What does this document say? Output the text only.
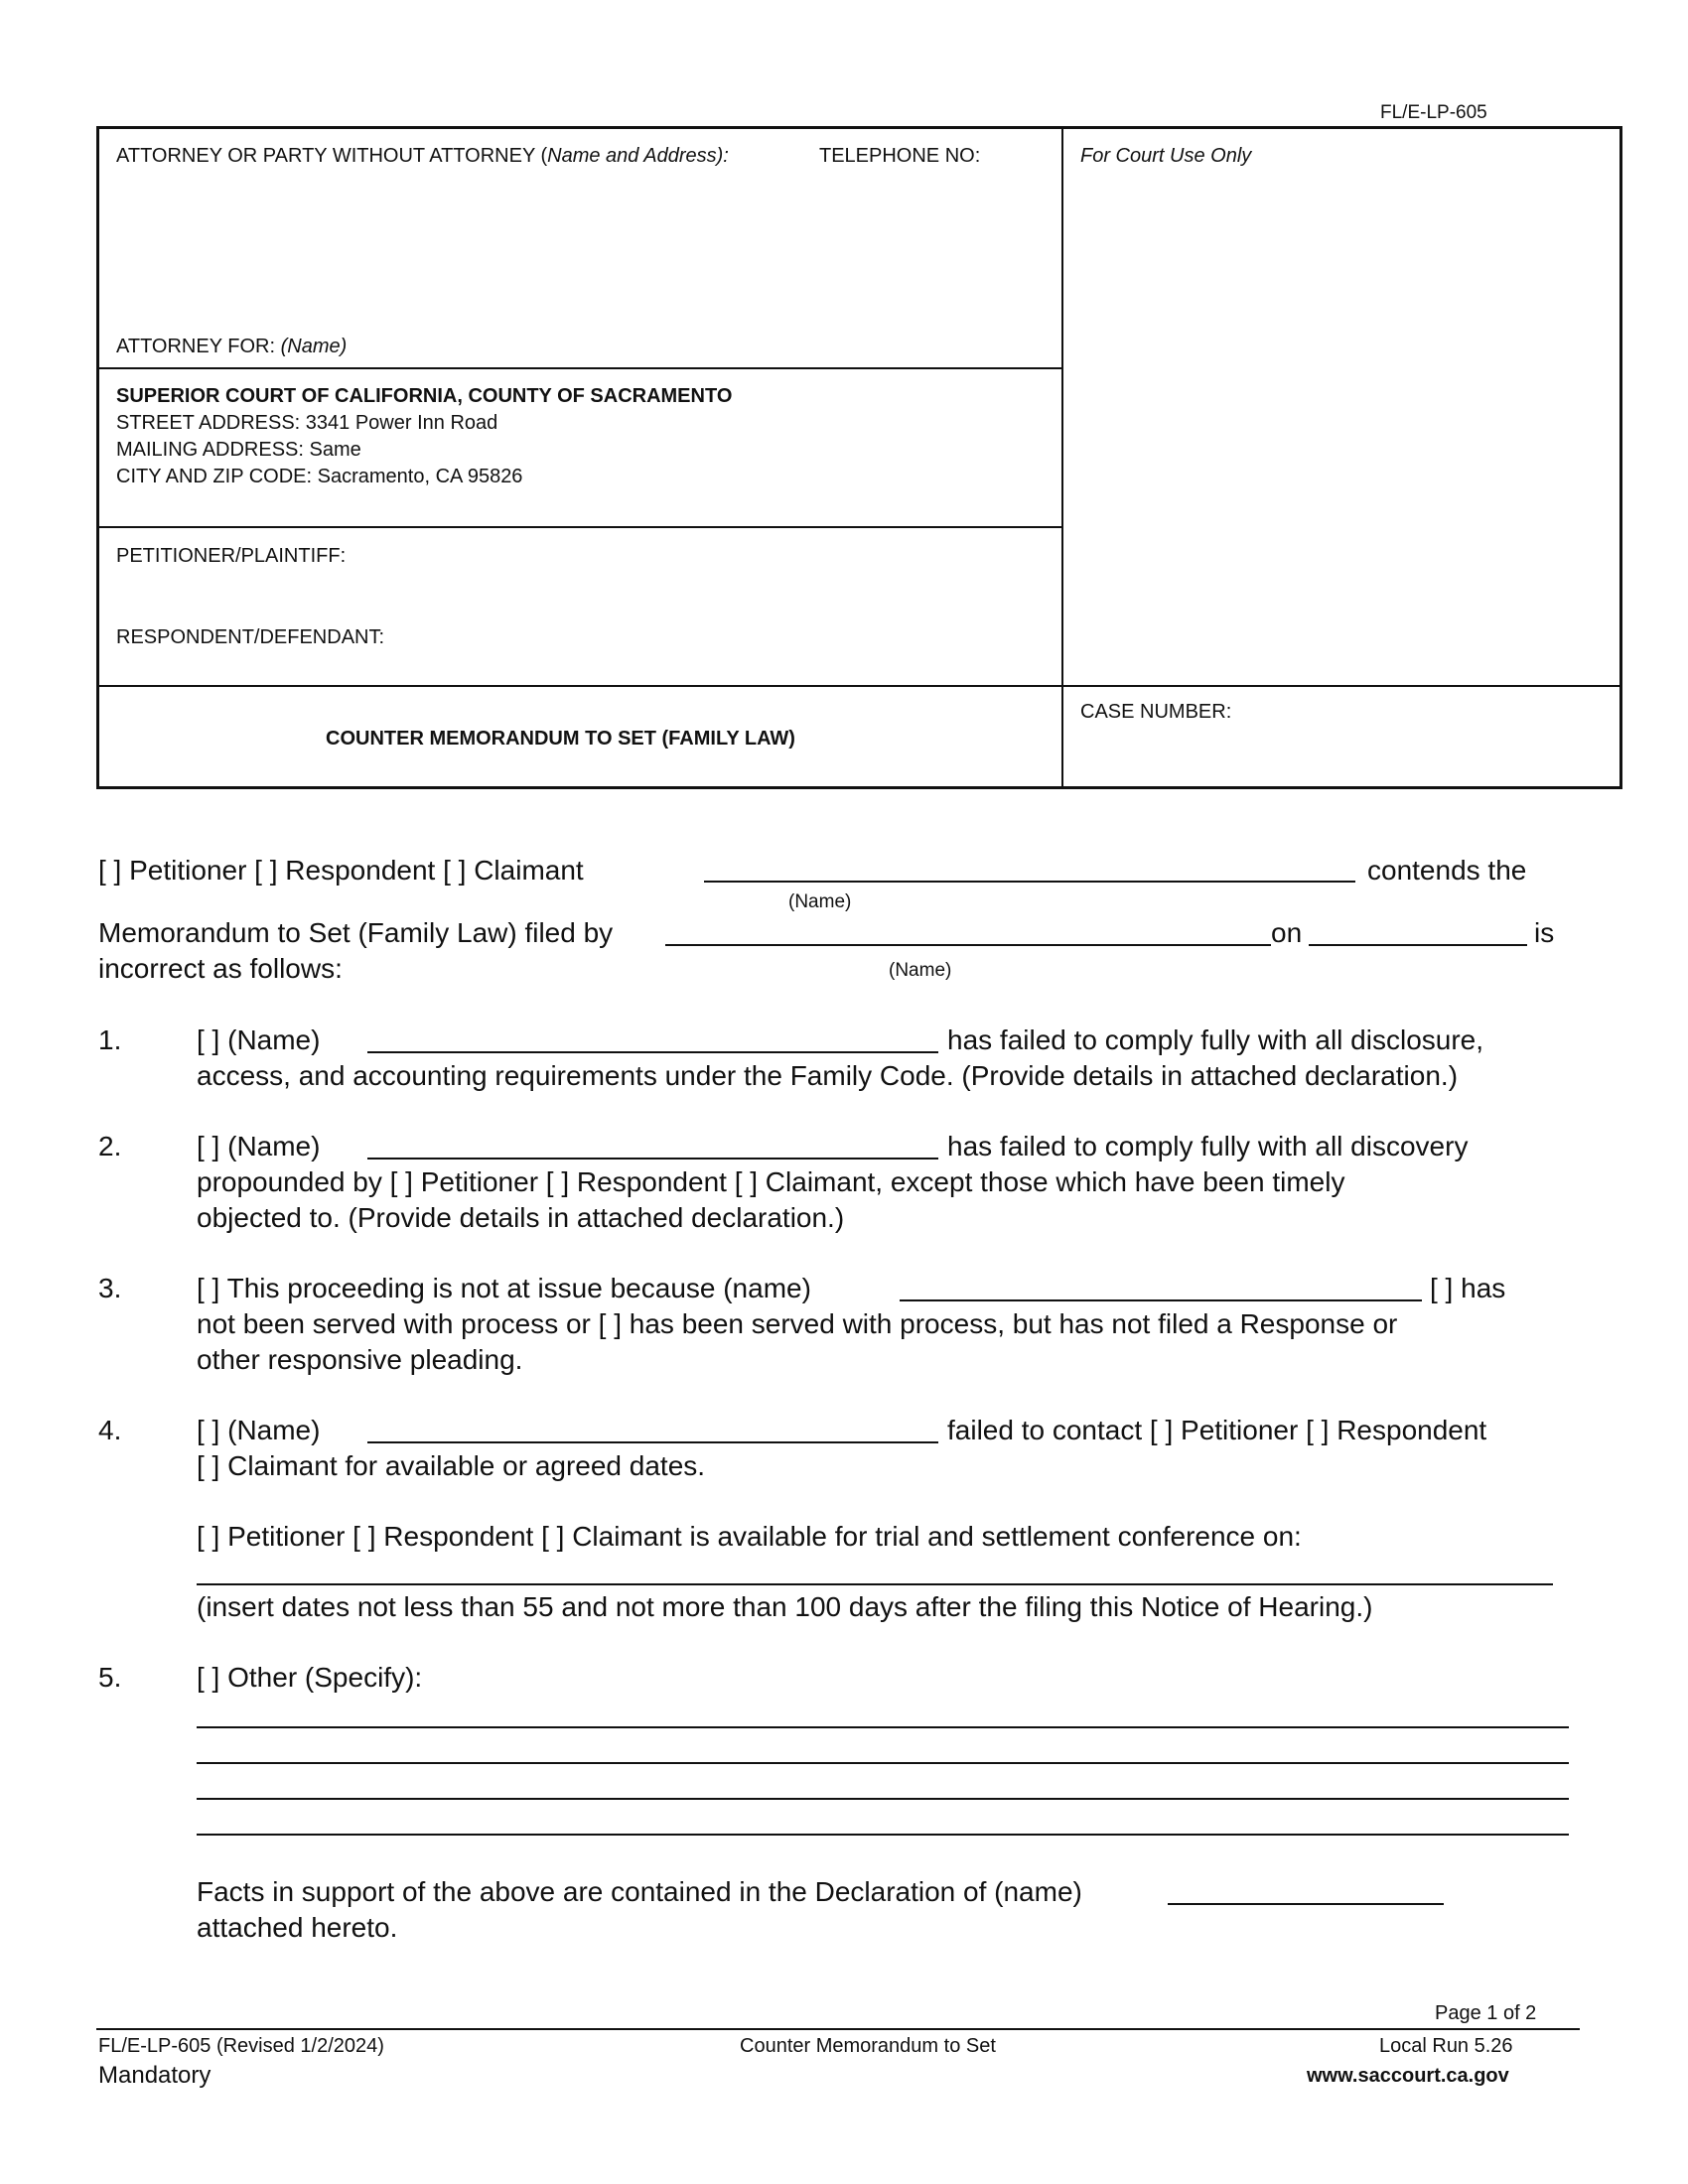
FL/E-LP-605
ATTORNEY OR PARTY WITHOUT ATTORNEY (Name and Address):	TELEPHONE NO:	For Court Use Only
ATTORNEY FOR: (Name)
SUPERIOR COURT OF CALIFORNIA, COUNTY OF SACRAMENTO
STREET ADDRESS: 3341 Power Inn Road
MAILING ADDRESS: Same
CITY AND ZIP CODE: Sacramento, CA 95826
PETITIONER/PLAINTIFF:
RESPONDENT/DEFENDANT:
COUNTER MEMORANDUM TO SET (FAMILY LAW)
CASE NUMBER:
[ ] Petitioner [ ] Respondent [ ] Claimant	contends the
(Name)
Memorandum to Set (Family Law) filed by	on	is
incorrect as follows:	(Name)
1.	[ ] (Name)	has failed to comply fully with all disclosure,
access, and accounting requirements under the Family Code. (Provide details in attached declaration.)
2.	[ ] (Name)	has failed to comply fully with all discovery
propounded by [ ] Petitioner [ ] Respondent [ ] Claimant, except those which have been timely
objected to. (Provide details in attached declaration.)
3.	[ ] This proceeding is not at issue because (name)	[ ] has
not been served with process or [ ] has been served with process, but has not filed a Response or
other responsive pleading.
4.	[ ] (Name)	failed to contact [ ] Petitioner [ ] Respondent
[ ] Claimant for available or agreed dates.
[ ] Petitioner [ ] Respondent [ ] Claimant is available for trial and settlement conference on:
(insert dates not less than 55 and not more than 100 days after the filing this Notice of Hearing.)
5.	[ ] Other (Specify):
Facts in support of the above are contained in the Declaration of (name)
attached hereto.
Page 1 of 2
FL/E-LP-605 (Revised 1/2/2024)
Mandatory
Counter Memorandum to Set	Local Run 5.26
www.saccourt.ca.gov
